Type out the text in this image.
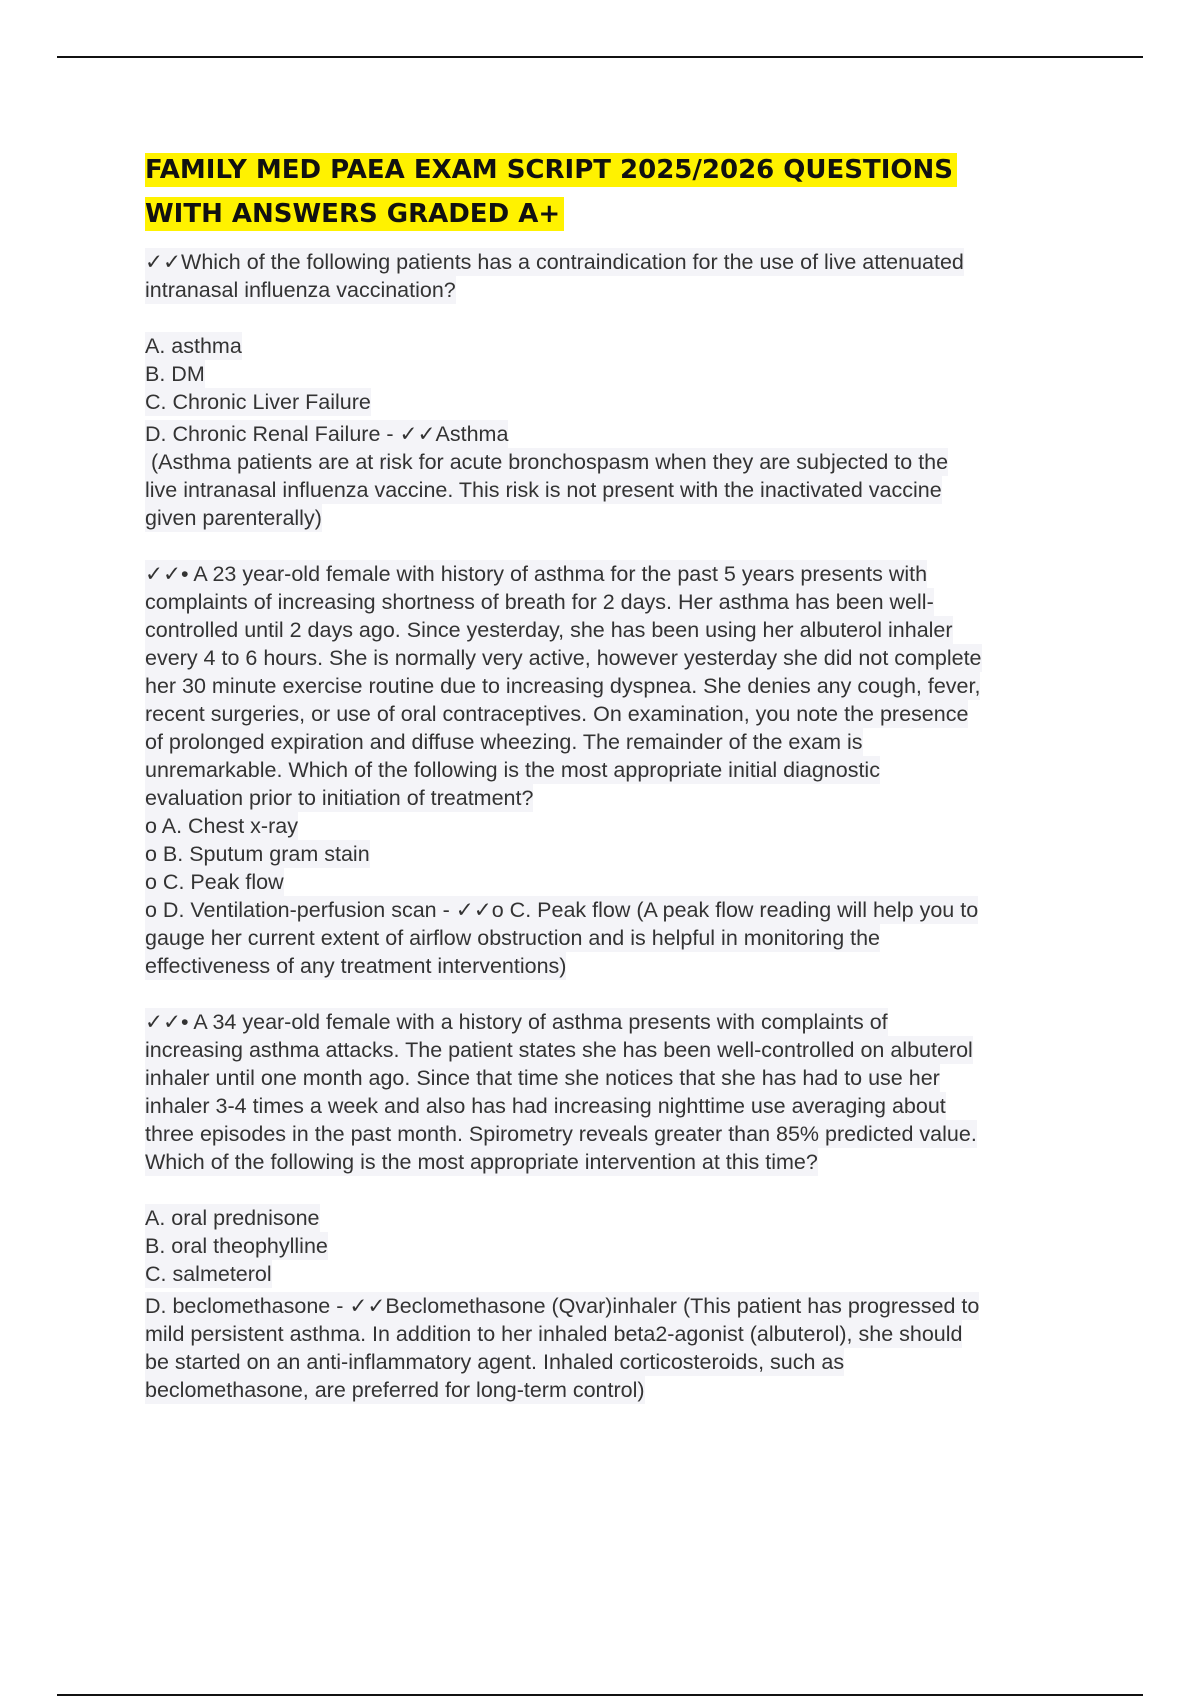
FAMILY MED PAEA EXAM SCRIPT 2025/2026 QUESTIONS
WITH ANSWERS GRADED A+
✓✓Which of the following patients has a contraindication for the use of live attenuated
intranasal influenza vaccination?
A. asthma
B. DM
C. Chronic Liver Failure
D. Chronic Renal Failure - ✓✓Asthma
(Asthma patients are at risk for acute bronchospasm when they are subjected to the
live intranasal influenza vaccine. This risk is not present with the inactivated vaccine
given parenterally)
✓✓• A 23 year-old female with history of asthma for the past 5 years presents with
complaints of increasing shortness of breath for 2 days. Her asthma has been well-
controlled until 2 days ago. Since yesterday, she has been using her albuterol inhaler
every 4 to 6 hours. She is normally very active, however yesterday she did not complete
her 30 minute exercise routine due to increasing dyspnea. She denies any cough, fever,
recent surgeries, or use of oral contraceptives. On examination, you note the presence
of prolonged expiration and diffuse wheezing. The remainder of the exam is
unremarkable. Which of the following is the most appropriate initial diagnostic
evaluation prior to initiation of treatment?
o A. Chest x-ray
o B. Sputum gram stain
o C. Peak flow
o D. Ventilation-perfusion scan - ✓✓o C. Peak flow (A peak flow reading will help you to
gauge her current extent of airflow obstruction and is helpful in monitoring the
effectiveness of any treatment interventions)
✓✓• A 34 year-old female with a history of asthma presents with complaints of
increasing asthma attacks. The patient states she has been well-controlled on albuterol
inhaler until one month ago. Since that time she notices that she has had to use her
inhaler 3-4 times a week and also has had increasing nighttime use averaging about
three episodes in the past month. Spirometry reveals greater than 85% predicted value.
Which of the following is the most appropriate intervention at this time?
A. oral prednisone
B. oral theophylline
C. salmeterol
D. beclomethasone - ✓✓Beclomethasone (Qvar)inhaler (This patient has progressed to
mild persistent asthma. In addition to her inhaled beta2-agonist (albuterol), she should
be started on an anti-inflammatory agent. Inhaled corticosteroids, such as
beclomethasone, are preferred for long-term control)
